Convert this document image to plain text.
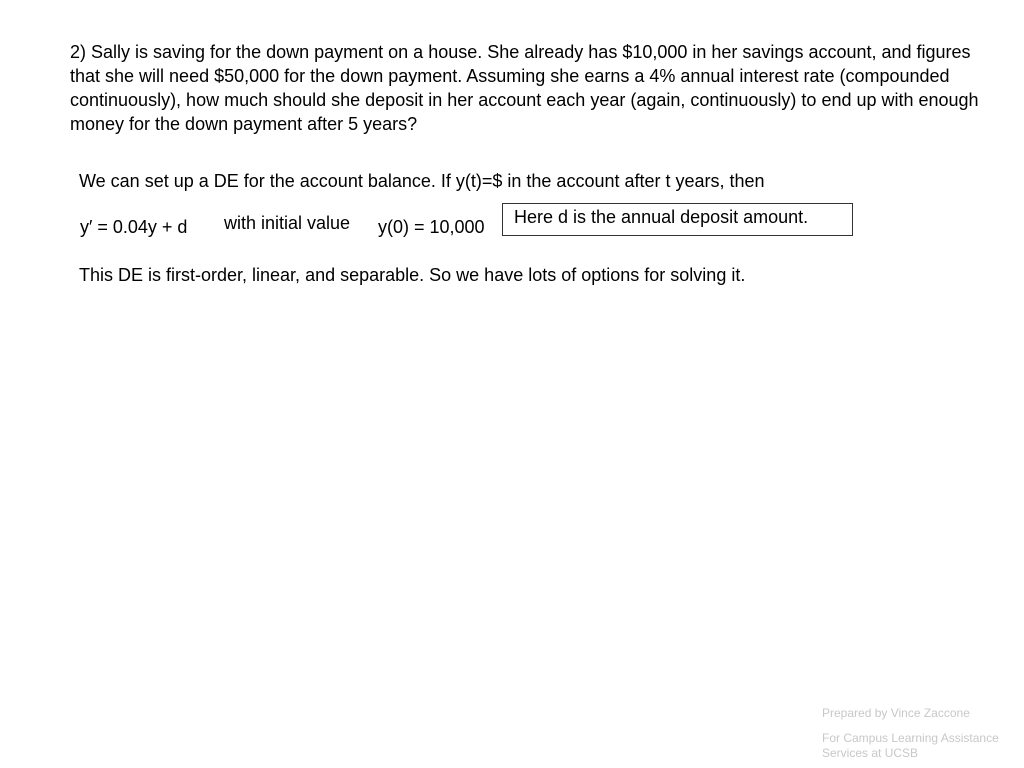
2) Sally is saving for the down payment on a house. She already has $10,000 in her savings account, and figures that she will need $50,000 for the down payment. Assuming she earns a 4% annual interest rate (compounded continuously), how much should she deposit in her account each year (again, continuously) to end up with enough money for the down payment after 5 years?

We can set up a DE for the account balance. If y(t)=$ in the account after t years, then

y′ = 0.04y + d with initial value y(0) = 10,000	Here d is the annual deposit amount.

This DE is first-order, linear, and separable. So we have lots of options for solving it.

Prepared by Vince Zaccone
For Campus Learning Assistance Services at UCSB
